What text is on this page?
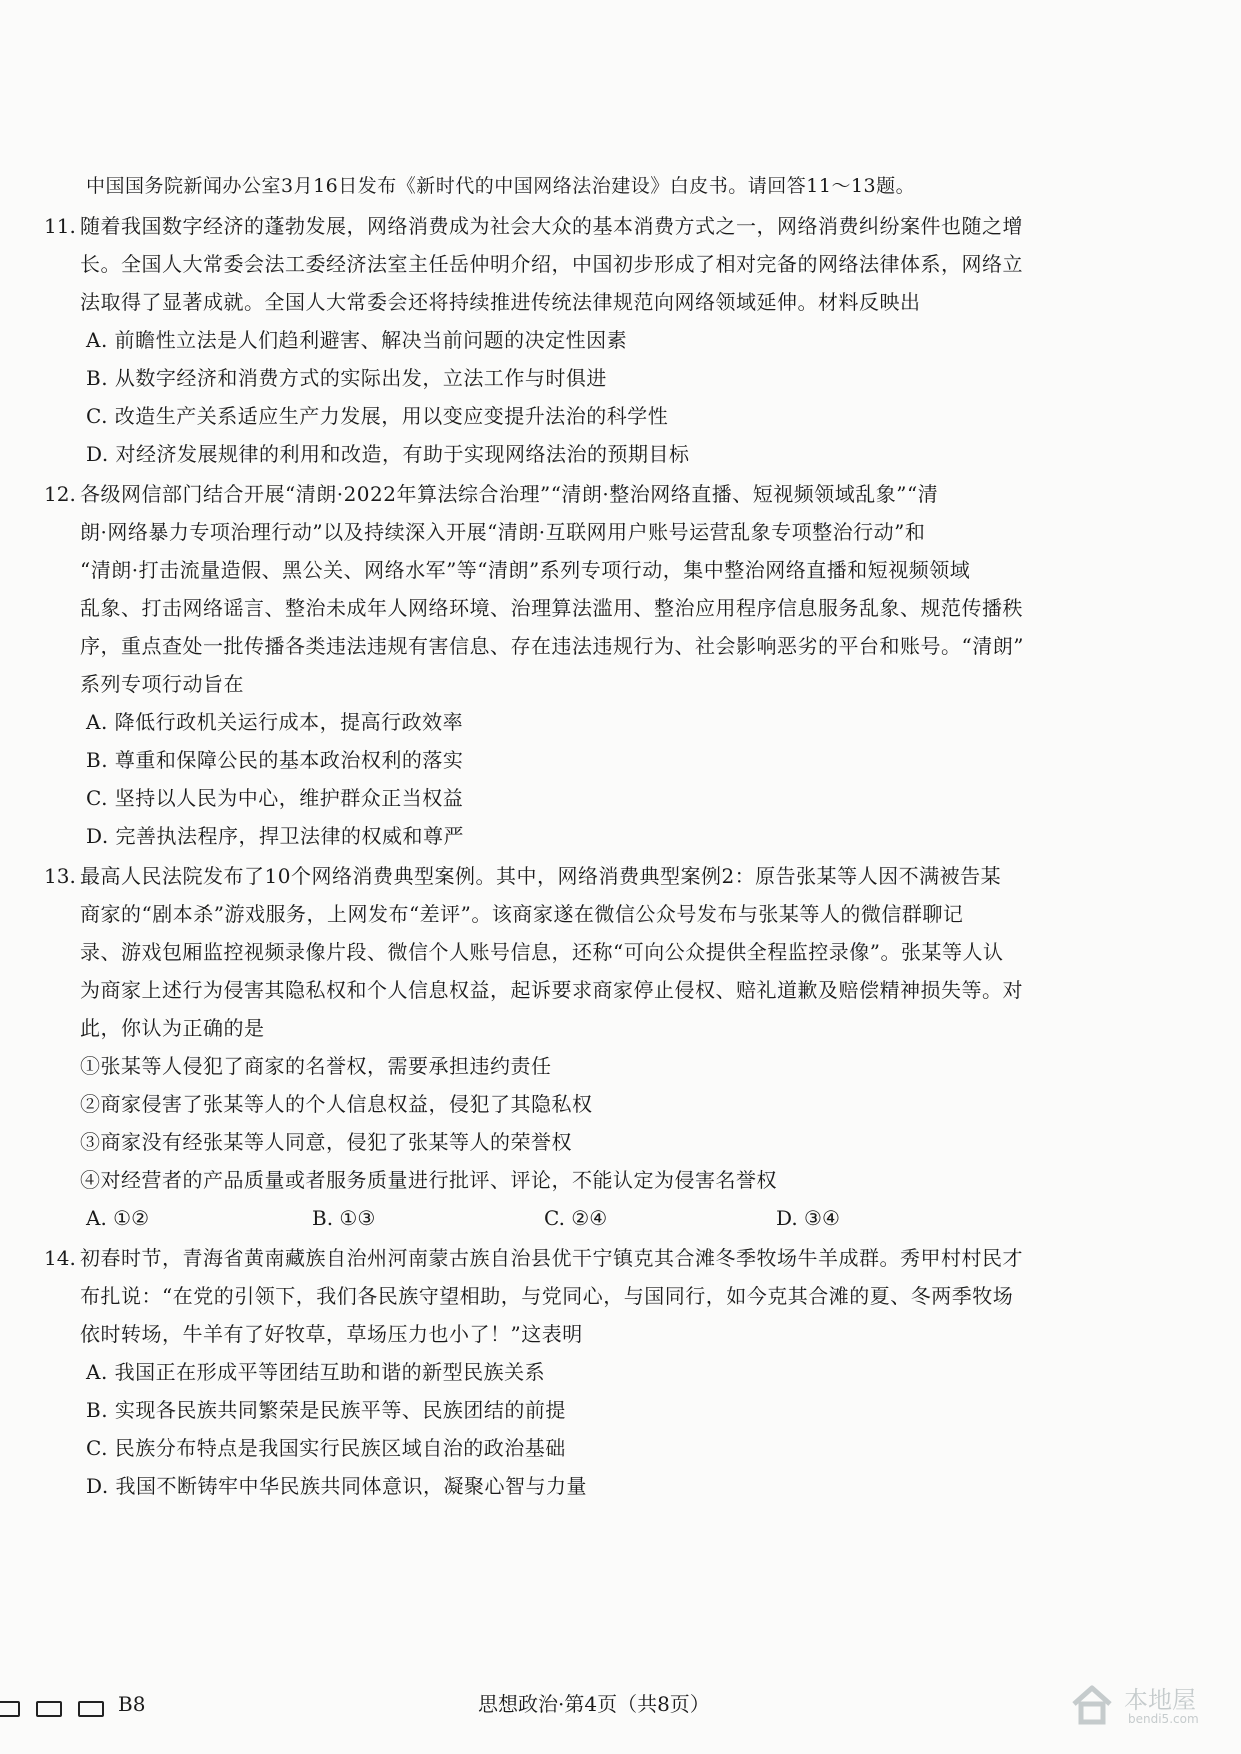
中国国务院新闻办公室3月16日发布《新时代的中国网络法治建设》白皮书。请回答11～13题。
11. 随着我国数字经济的蓬勃发展，网络消费成为社会大众的基本消费方式之一，网络消费纠纷案件也随之增
长。全国人大常委会法工委经济法室主任岳仲明介绍，中国初步形成了相对完备的网络法律体系，网络立
法取得了显著成就。全国人大常委会还将持续推进传统法律规范向网络领域延伸。材料反映出
A. 前瞻性立法是人们趋利避害、解决当前问题的决定性因素
B. 从数字经济和消费方式的实际出发，立法工作与时俱进
C. 改造生产关系适应生产力发展，用以变应变提升法治的科学性
D. 对经济发展规律的利用和改造，有助于实现网络法治的预期目标
12. 各级网信部门结合开展“清朗·2022年算法综合治理”“清朗·整治网络直播、短视频领域乱象”“清
朗·网络暴力专项治理行动”以及持续深入开展“清朗·互联网用户账号运营乱象专项整治行动”和
“清朗·打击流量造假、黑公关、网络水军”等“清朗”系列专项行动，集中整治网络直播和短视频领域
乱象、打击网络谣言、整治未成年人网络环境、治理算法滥用、整治应用程序信息服务乱象、规范传播秩
序，重点查处一批传播各类违法违规有害信息、存在违法违规行为、社会影响恶劣的平台和账号。“清朗”
系列专项行动旨在
A. 降低行政机关运行成本，提高行政效率
B. 尊重和保障公民的基本政治权利的落实
C. 坚持以人民为中心，维护群众正当权益
D. 完善执法程序，捍卫法律的权威和尊严
13. 最高人民法院发布了10个网络消费典型案例。其中，网络消费典型案例2：原告张某等人因不满被告某
商家的“剧本杀”游戏服务，上网发布“差评”。该商家遂在微信公众号发布与张某等人的微信群聊记
录、游戏包厢监控视频录像片段、微信个人账号信息，还称“可向公众提供全程监控录像”。张某等人认
为商家上述行为侵害其隐私权和个人信息权益，起诉要求商家停止侵权、赔礼道歉及赔偿精神损失等。对
此，你认为正确的是
①张某等人侵犯了商家的名誉权，需要承担违约责任
②商家侵害了张某等人的个人信息权益，侵犯了其隐私权
③商家没有经张某等人同意，侵犯了张某等人的荣誉权
④对经营者的产品质量或者服务质量进行批评、评论，不能认定为侵害名誉权
A. ①②	B. ①③	C. ②④	D. ③④
14. 初春时节，青海省黄南藏族自治州河南蒙古族自治县优干宁镇克其合滩冬季牧场牛羊成群。秀甲村村民才
布扎说：“在党的引领下，我们各民族守望相助，与党同心，与国同行，如今克其合滩的夏、冬两季牧场
依时转场，牛羊有了好牧草，草场压力也小了！”这表明
A. 我国正在形成平等团结互助和谐的新型民族关系
B. 实现各民族共同繁荣是民族平等、民族团结的前提
C. 民族分布特点是我国实行民族区域自治的政治基础
D. 我国不断铸牢中华民族共同体意识，凝聚心智与力量
B8	思想政治·第4页（共8页）	本地屋
bendi5.com
